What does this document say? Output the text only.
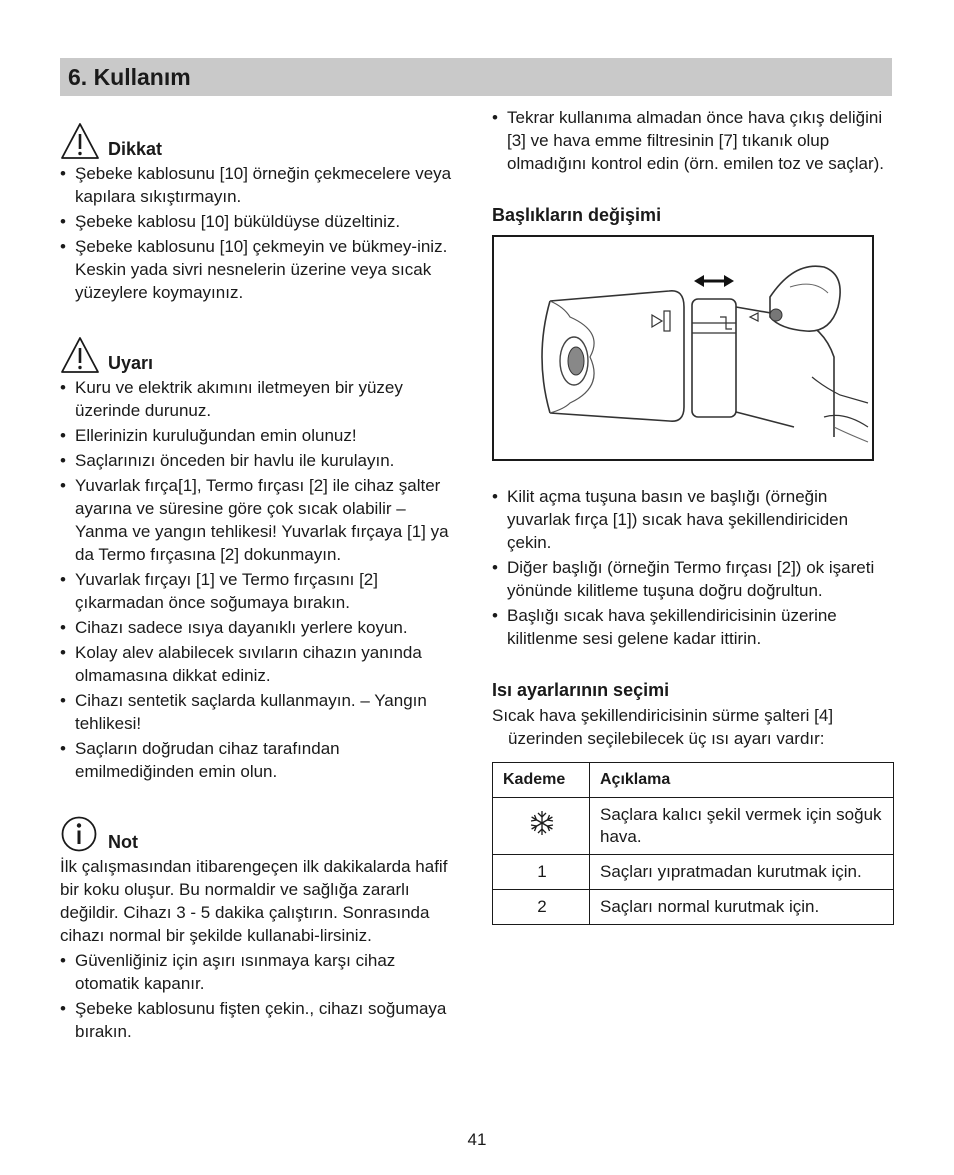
6. Kullanım
Dikkat
• Şebeke kablosunu [10] örneğin çekmecelere veya kapılara sıkıştırmayın.
• Şebeke kablosu [10] büküldüyse düzeltiniz.
• Şebeke kablosunu [10] çekmeyin ve bükmey-iniz. Keskin yada sivri nesnelerin üzerine veya sıcak yüzeylere koymayınız.
Uyarı
• Kuru ve elektrik akımını iletmeyen bir yüzey üzerinde durunuz.
• Ellerinizin kuruluğundan emin olunuz!
• Saçlarınızı önceden bir havlu ile kurulayın.
• Yuvarlak fırça[1], Termo fırçası [2] ile cihaz şalter ayarına ve süresine göre çok sıcak olabilir – Yanma ve yangın tehlikesi! Yuvarlak fırçaya [1] ya da Termo fırçasına [2] dokunmayın.
• Yuvarlak fırçayı [1] ve Termo fırçasını [2] çıkarmadan önce soğumaya bırakın.
• Cihazı sadece ısıya dayanıklı yerlere koyun.
• Kolay alev alabilecek sıvıların cihazın yanında olmamasına dikkat ediniz.
• Cihazı sentetik saçlarda kullanmayın. – Yangın tehlikesi!
• Saçların doğrudan cihaz tarafından emilmediğinden emin olun.
Not

İlk çalışmasından itibarengeçen ilk dakikalarda hafif bir koku oluşur. Bu normaldir ve sağlığa zararlı değildir. Cihazı 3 - 5 dakika çalıştırın. Sonrasında cihazı normal bir şekilde kullanabi-lirsiniz.

• Güvenliğiniz için aşırı ısınmaya karşı cihaz otomatik kapanır.
• Şebeke kablosunu fişten çekin., cihazı soğumaya bırakın.
• Tekrar kullanıma almadan önce hava çıkış deliğini [3] ve hava emme filtresinin [7] tıkanık olup olmadığını kontrol edin (örn. emilen toz ve saçlar).
Başlıkların değişimi
• Kilit açma tuşuna basın ve başlığı (örneğin yuvarlak fırça [1]) sıcak hava şekillendiriciden çekin.
• Diğer başlığı (örneğin Termo fırçası [2]) ok işareti yönünde kilitleme tuşuna doğru doğrultun.
• Başlığı sıcak hava şekillendiricisinin üzerine kilitlenme sesi gelene kadar ittirin.
Isı ayarlarının seçimi

Sıcak hava şekillendiricisinin sürme şalteri [4] üzerinden seçilebilecek üç ısı ayarı vardır:

Kademe	Açıklama
	Saçlara kalıcı şekil vermek için soğuk hava.
1	Saçları yıpratmadan kurutmak için.
2	Saçları normal kurutmak için.
41
